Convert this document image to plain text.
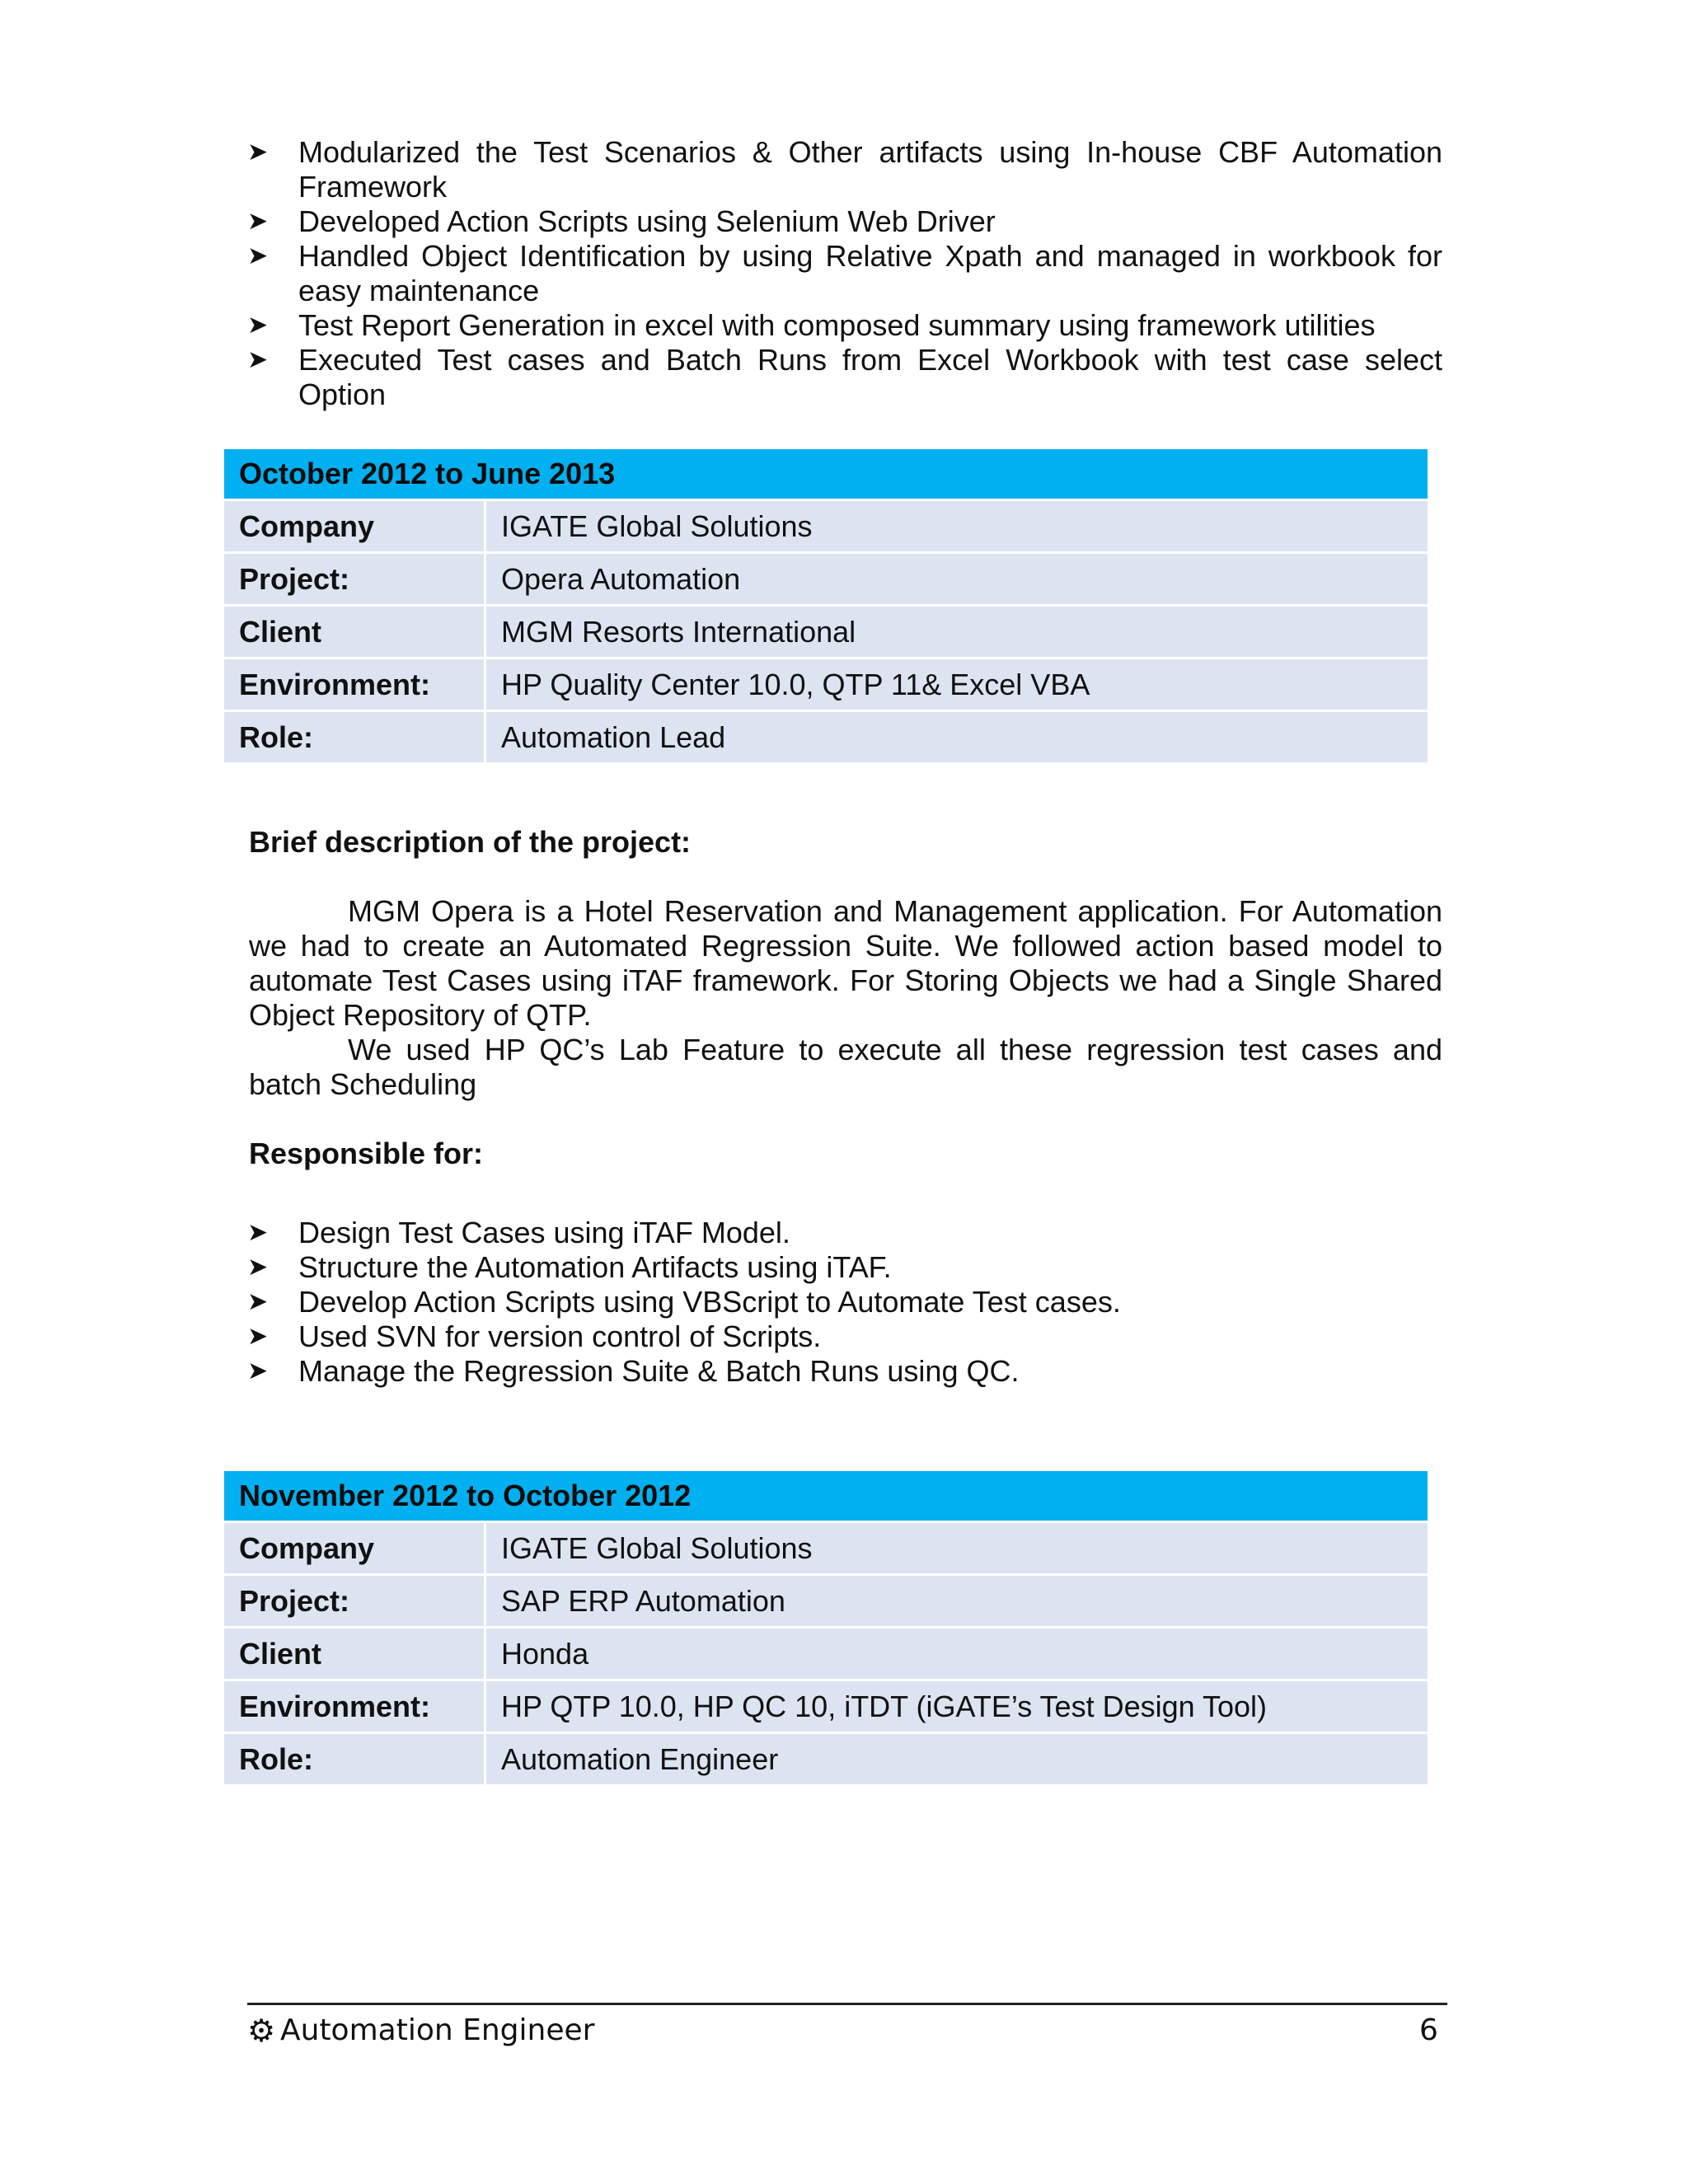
➤ Modularized the Test Scenarios & Other artifacts using In-house CBF Automation Framework
➤ Developed Action Scripts using Selenium Web Driver
➤ Handled Object Identification by using Relative Xpath and managed in workbook for easy maintenance
➤ Test Report Generation in excel with composed summary using framework utilities
➤ Executed Test cases and Batch Runs from Excel Workbook with test case select Option
October 2012 to June 2013	
Company	IGATE Global Solutions
Project:	Opera Automation
Client	MGM Resorts International
Environment:	HP Quality Center 10.0, QTP 11& Excel VBA
Role:	Automation Lead
Brief description of the project:

MGM Opera is a Hotel Reservation and Management application. For Automation we had to create an Automated Regression Suite. We followed action based model to automate Test Cases using iTAF framework. For Storing Objects we had a Single Shared Object Repository of QTP.
We used HP QC’s Lab Feature to execute all these regression test cases and batch Scheduling

Responsible for:
➤ Design Test Cases using iTAF Model.
➤ Structure the Automation Artifacts using iTAF.
➤ Develop Action Scripts using VBScript to Automate Test cases.
➤ Used SVN for version control of Scripts.
➤ Manage the Regression Suite & Batch Runs using QC.
November 2012 to October 2012	
Company	IGATE Global Solutions
Project:	SAP ERP Automation
Client	Honda
Environment:	HP QTP 10.0, HP QC 10, iTDT (iGATE’s Test Design Tool)
Role:	Automation Engineer
⚙ Automation Engineer	6
